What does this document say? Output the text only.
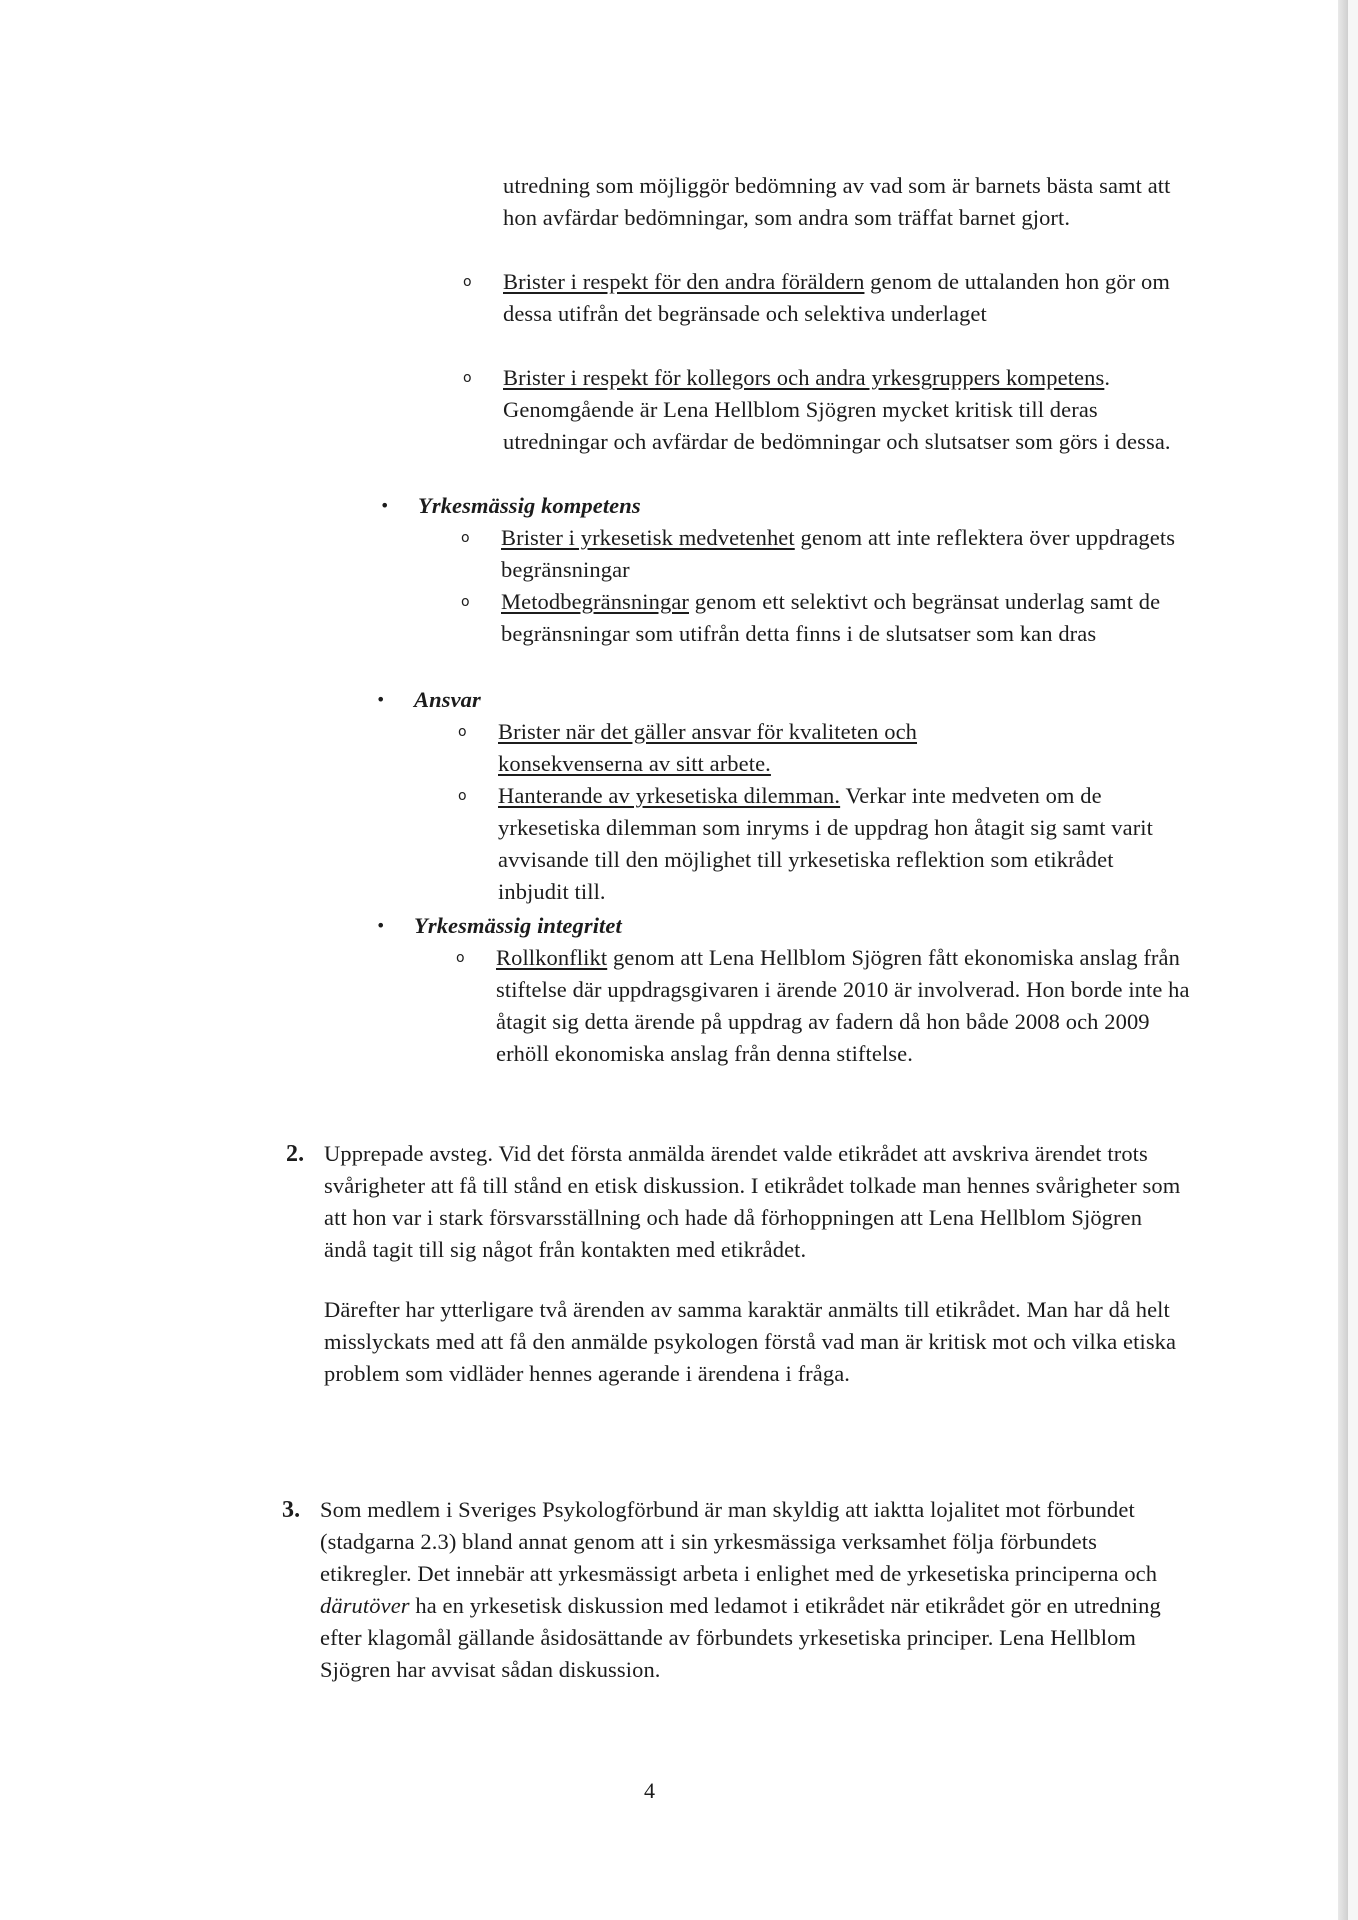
utredning som möjliggör bedömning av vad som är barnets bästa samt att hon avfärdar bedömningar, som andra som träffat barnet gjort.

o Brister i respekt för den andra föräldern genom de uttalanden hon gör om dessa utifrån det begränsade och selektiva underlaget
o Brister i respekt för kollegors och andra yrkesgruppers kompetens. Genomgående är Lena Hellblom Sjögren mycket kritisk till deras utredningar och avfärdar de bedömningar och slutsatser som görs i dessa.
• Yrkesmässig kompetens
o Brister i yrkesetisk medvetenhet genom att inte reflektera över uppdragets begränsningar
o Metodbegränsningar genom ett selektivt och begränsat underlag samt de begränsningar som utifrån detta finns i de slutsatser som kan dras
• Ansvar
o Brister när det gäller ansvar för kvaliteten och konsekvenserna av sitt arbete.
o Hanterande av yrkesetiska dilemman. Verkar inte medveten om de yrkesetiska dilemman som inryms i de uppdrag hon åtagit sig samt varit avvisande till den möjlighet till yrkesetiska reflektion som etikrådet inbjudit till.
• Yrkesmässig integritet
o Rollkonflikt genom att Lena Hellblom Sjögren fått ekonomiska anslag från stiftelse där uppdragsgivaren i ärende 2010 är involverad. Hon borde inte ha åtagit sig detta ärende på uppdrag av fadern då hon både 2008 och 2009 erhöll ekonomiska anslag från denna stiftelse.
2. Upprepade avsteg. Vid det första anmälda ärendet valde etikrådet att avskriva ärendet trots svårigheter att få till stånd en etisk diskussion. I etikrådet tolkade man hennes svårigheter som att hon var i stark försvarsställning och hade då förhoppningen att Lena Hellblom Sjögren ändå tagit till sig något från kontakten med etikrådet.

Därefter har ytterligare två ärenden av samma karaktär anmälts till etikrådet. Man har då helt misslyckats med att få den anmälde psykologen förstå vad man är kritisk mot och vilka etiska problem som vidläder hennes agerande i ärendena i fråga.

3. Som medlem i Sveriges Psykologförbund är man skyldig att iaktta lojalitet mot förbundet (stadgarna 2.3) bland annat genom att i sin yrkesmässiga verksamhet följa förbundets etikregler. Det innebär att yrkesmässigt arbeta i enlighet med de yrkesetiska principerna och därutöver ha en yrkesetisk diskussion med ledamot i etikrådet när etikrådet gör en utredning efter klagomål gällande åsidosättande av förbundets yrkesetiska principer. Lena Hellblom Sjögren har avvisat sådan diskussion.

4
